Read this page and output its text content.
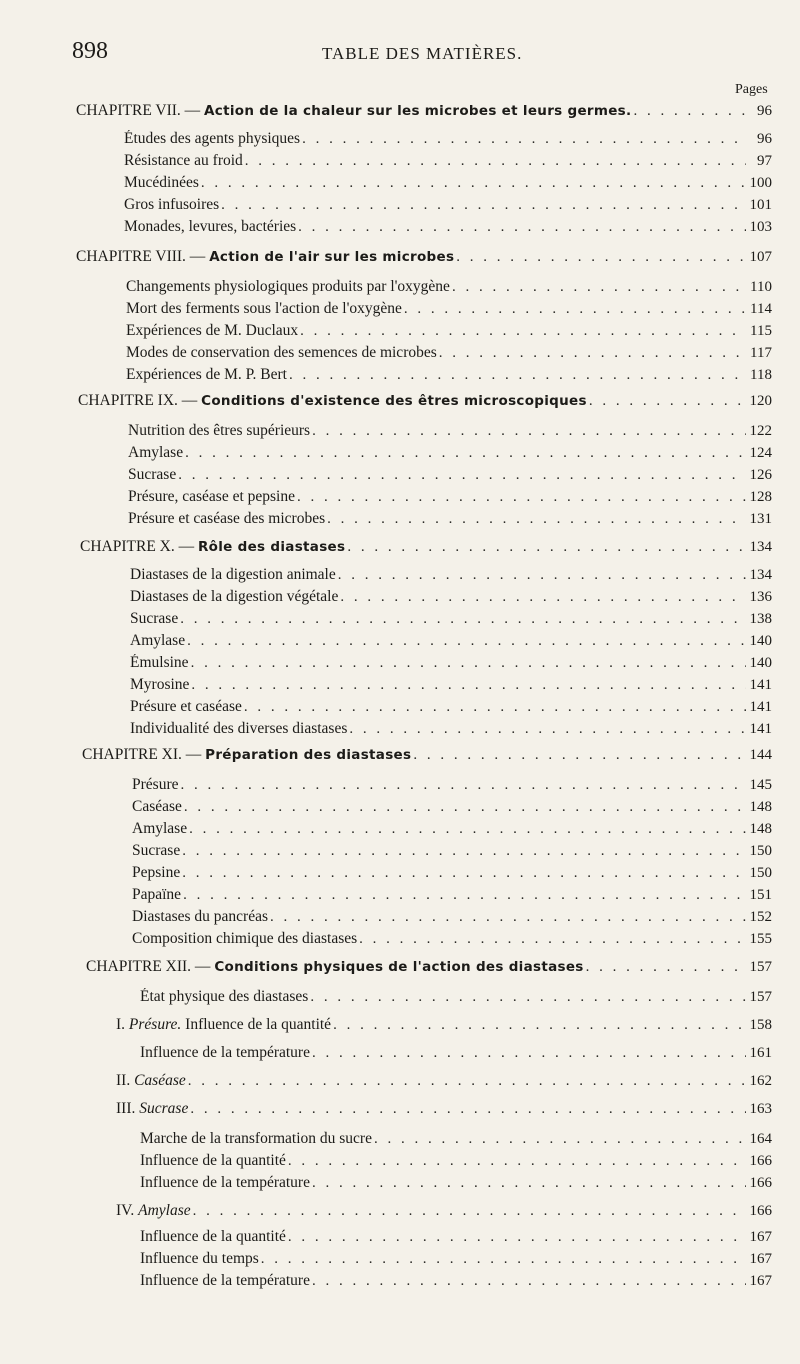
898	TABLE DES MATIÈRES.
Pages
CHAPITRE VII. — Action de la chaleur sur les microbes et leurs germes. . . .	96
Études des agents physiques . . .	96
Résistance au froid . . .	97
Mucédinées . . .	100
Gros infusoires . . .	101
Monades, levures, bactéries . . .	103
CHAPITRE VIII. — Action de l'air sur les microbes . . .	107
Changements physiologiques produits par l'oxygène . . .	110
Mort des ferments sous l'action de l'oxygène . . .	114
Expériences de M. Duclaux . . .	115
Modes de conservation des semences de microbes . . .	117
Expériences de M. P. Bert . . .	118
CHAPITRE IX. — Conditions d'existence des êtres microscopiques . . .	120
Nutrition des êtres supérieurs . . .	122
Amylase . . .	124
Sucrase . . .	126
Présure, caséase et pepsine . . .	128
Présure et caséase des microbes . . .	131
CHAPITRE X. — Rôle des diastases . . .	134
Diastases de la digestion animale . . .	134
Diastases de la digestion végétale . . .	136
Sucrase . . .	138
Amylase . . .	140
Émulsine . . .	140
Myrosine . . .	141
Présure et caséase . . .	141
Individualité des diverses diastases . . .	141
CHAPITRE XI. — Préparation des diastases . . .	144
Présure . . .	145
Caséase . . .	148
Amylase . . .	148
Sucrase . . .	150
Pepsine . . .	150
Papaïne . . .	151
Diastases du pancréas . . .	152
Composition chimique des diastases . . .	155
CHAPITRE XII. — Conditions physiques de l'action des diastases . . .	157
État physique des diastases . . .	157
I. Présure. Influence de la quantité . . .	158
Influence de la température . . .	161
II. Caséase . . .	162
III. Sucrase . . .	163
Marche de la transformation du sucre . . .	164
Influence de la quantité . . .	166
Influence de la température . . .	166
IV. Amylase . . .	166
Influence de la quantité . . .	167
Influence du temps . . .	167
Influence de la température . . .	167
